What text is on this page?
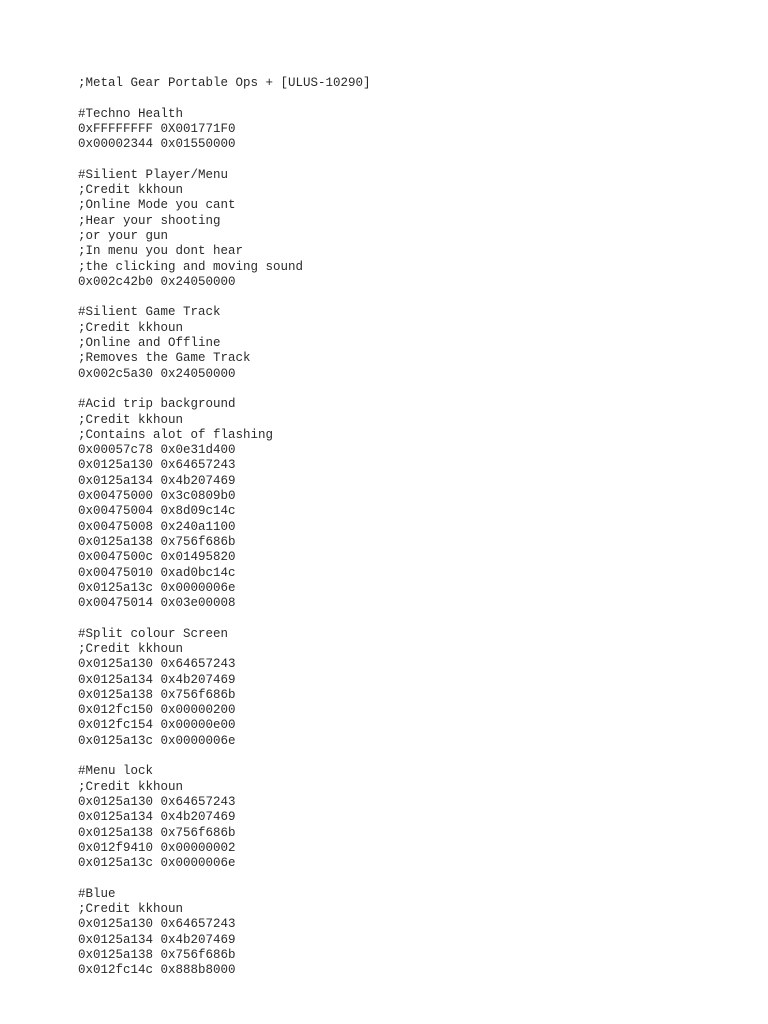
;Metal Gear Portable Ops + [ULUS-10290]
#Techno Health
0xFFFFFFFF 0X001771F0
0x00002344 0x01550000
#Silient Player/Menu
;Credit kkhoun
;Online Mode you cant
;Hear your shooting
;or your gun
;In menu you dont hear
;the clicking and moving sound
0x002c42b0 0x24050000
#Silient Game Track
;Credit kkhoun
;Online and Offline
;Removes the Game Track
0x002c5a30 0x24050000
#Acid trip background
;Credit kkhoun
;Contains alot of flashing
0x00057c78 0x0e31d400
0x0125a130 0x64657243
0x0125a134 0x4b207469
0x00475000 0x3c0809b0
0x00475004 0x8d09c14c
0x00475008 0x240a1100
0x0125a138 0x756f686b
0x0047500c 0x01495820
0x00475010 0xad0bc14c
0x0125a13c 0x0000006e
0x00475014 0x03e00008
#Split colour Screen
;Credit kkhoun
0x0125a130 0x64657243
0x0125a134 0x4b207469
0x0125a138 0x756f686b
0x012fc150 0x00000200
0x012fc154 0x00000e00
0x0125a13c 0x0000006e
#Menu lock
;Credit kkhoun
0x0125a130 0x64657243
0x0125a134 0x4b207469
0x0125a138 0x756f686b
0x012f9410 0x00000002
0x0125a13c 0x0000006e
#Blue
;Credit kkhoun
0x0125a130 0x64657243
0x0125a134 0x4b207469
0x0125a138 0x756f686b
0x012fc14c 0x888b8000
